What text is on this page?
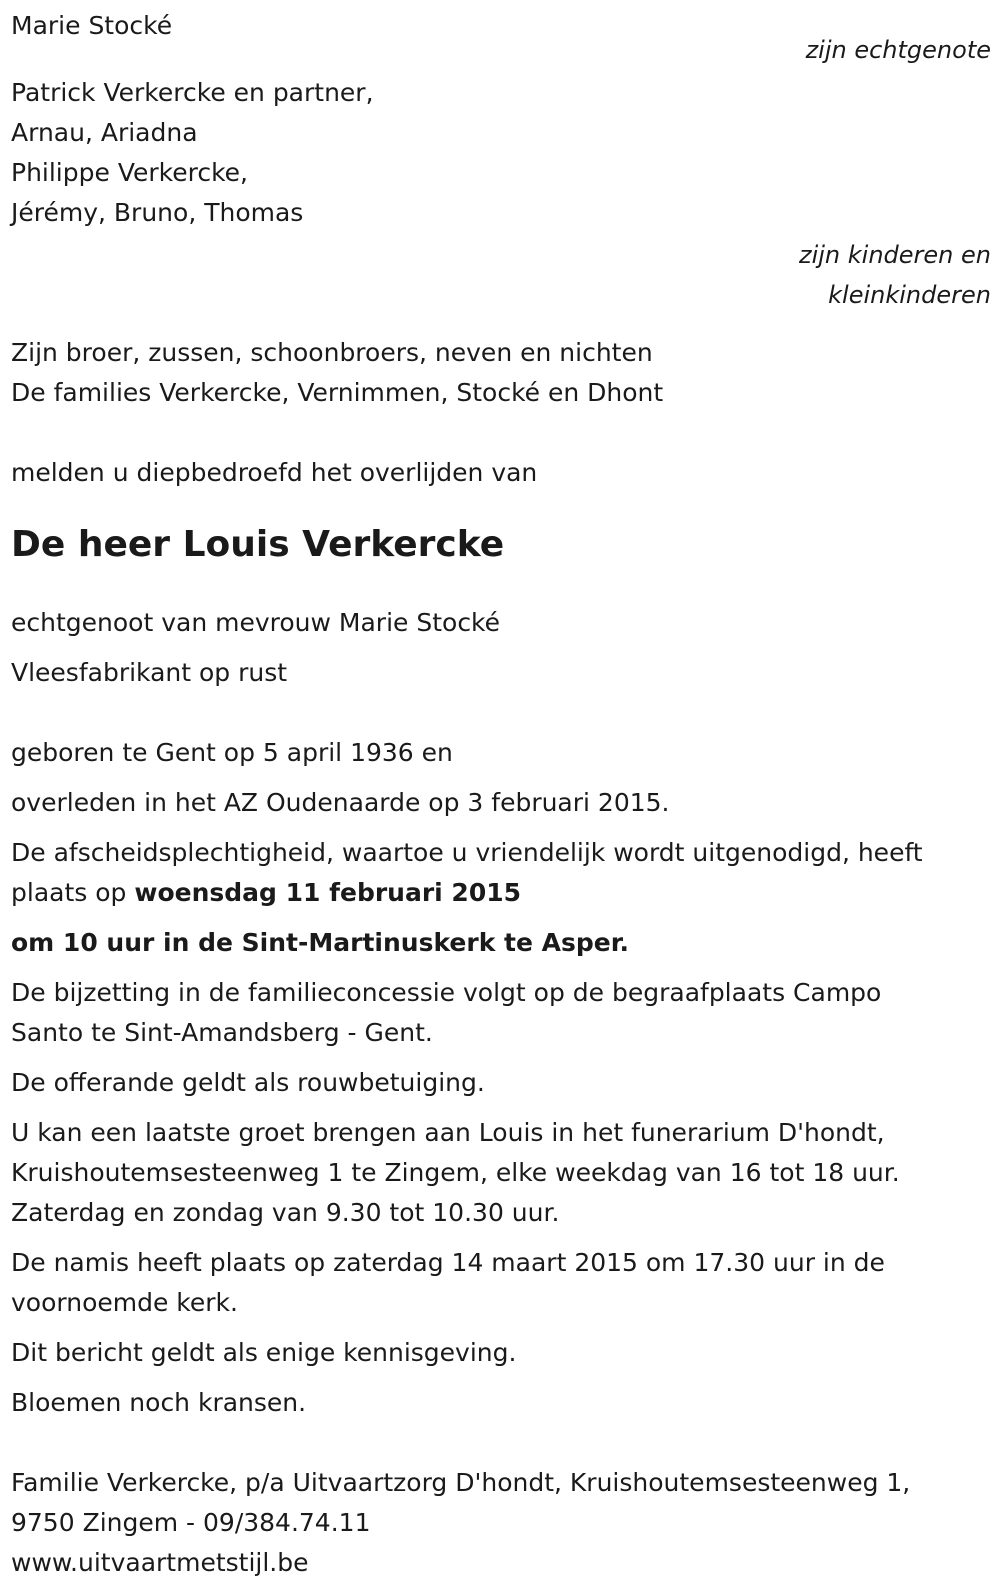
Marie Stocké
zijn echtgenote
Patrick Verkercke en partner,
Arnau, Ariadna
Philippe Verkercke,
Jérémy, Bruno, Thomas
zijn kinderen en
kleinkinderen
Zijn broer, zussen, schoonbroers, neven en nichten
De families Verkercke, Vernimmen, Stocké en Dhont
melden u diepbedroefd het overlijden van
De heer Louis Verkercke
echtgenoot van mevrouw Marie Stocké
Vleesfabrikant op rust
geboren te Gent op 5 april 1936 en
overleden in het AZ Oudenaarde op 3 februari 2015.
De afscheidsplechtigheid, waartoe u vriendelijk wordt uitgenodigd, heeft
plaats op woensdag 11 februari 2015
om 10 uur in de Sint-Martinuskerk te Asper.
De bijzetting in de familieconcessie volgt op de begraafplaats Campo
Santo te Sint-Amandsberg - Gent.
De offerande geldt als rouwbetuiging.
U kan een laatste groet brengen aan Louis in het funerarium D'hondt,
Kruishoutemsesteenweg 1 te Zingem, elke weekdag van 16 tot 18 uur.
Zaterdag en zondag van 9.30 tot 10.30 uur.
De namis heeft plaats op zaterdag 14 maart 2015 om 17.30 uur in de
voornoemde kerk.
Dit bericht geldt als enige kennisgeving.
Bloemen noch kransen.
Familie Verkercke, p/a Uitvaartzorg D'hondt, Kruishoutemsesteenweg 1,
9750 Zingem - 09/384.74.11
www.uitvaartmetstijl.be
